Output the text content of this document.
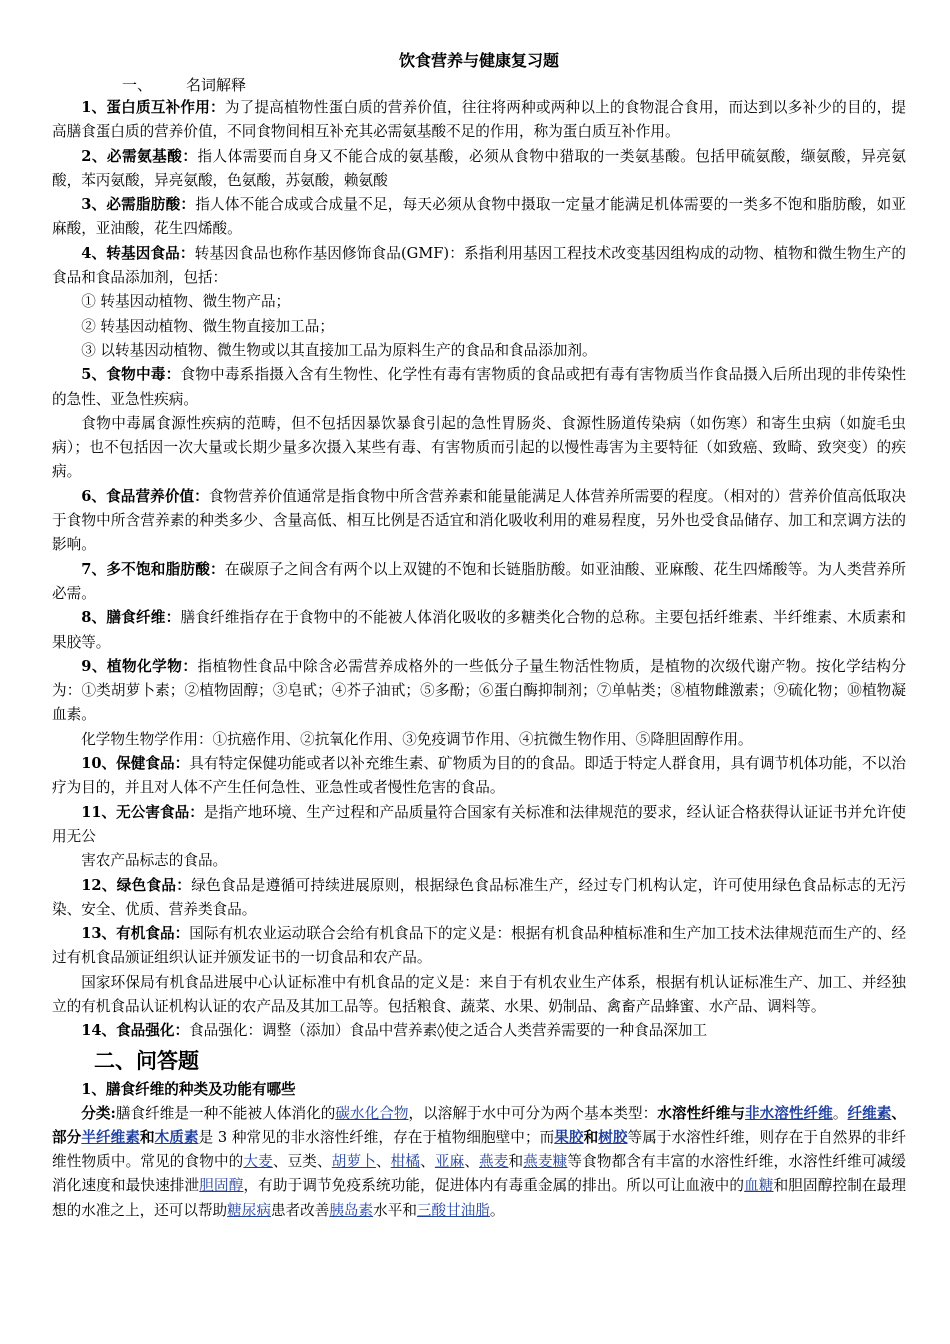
饮食营养与健康复习题
一、 名词解释

1、蛋白质互补作用：为了提高植物性蛋白质的营养价值，往往将两种或两种以上的食物混合食用，而达到以多补少的目的，提高膳食蛋白质的营养价值，不同食物间相互补充其必需氨基酸不足的作用，称为蛋白质互补作用。

2、必需氨基酸：指人体需要而自身又不能合成的氨基酸，必须从食物中猎取的一类氨基酸。包括甲硫氨酸，缬氨酸，异亮氨酸，苯丙氨酸，异亮氨酸，色氨酸，苏氨酸，赖氨酸

3、必需脂肪酸：指人体不能合成或合成量不足，每天必须从食物中摄取一定量才能满足机体需要的一类多不饱和脂肪酸，如亚麻酸，亚油酸，花生四烯酸。

4、转基因食品：转基因食品也称作基因修饰食品(GMF)：系指利用基因工程技术改变基因组构成的动物、植物和微生物生产的食品和食品添加剂，包括：

① 转基因动植物、微生物产品；

② 转基因动植物、微生物直接加工品；

③ 以转基因动植物、微生物或以其直接加工品为原料生产的食品和食品添加剂。

5、食物中毒：食物中毒系指摄入含有生物性、化学性有毒有害物质的食品或把有毒有害物质当作食品摄入后所出现的非传染性的急性、亚急性疾病。

食物中毒属食源性疾病的范畴，但不包括因暴饮暴食引起的急性胃肠炎、食源性肠道传染病（如伤寒）和寄生虫病（如旋毛虫病）；也不包括因一次大量或长期少量多次摄入某些有毒、有害物质而引起的以慢性毒害为主要特征（如致癌、致畸、致突变）的疾病。

6、食品营养价值：食物营养价值通常是指食物中所含营养素和能量能满足人体营养所需要的程度。（相对的）营养价值高低取决于食物中所含营养素的种类多少、含量高低、相互比例是否适宜和消化吸收利用的难易程度，另外也受食品储存、加工和烹调方法的影响。

7、多不饱和脂肪酸：在碳原子之间含有两个以上双键的不饱和长链脂肪酸。如亚油酸、亚麻酸、花生四烯酸等。为人类营养所必需。

8、膳食纤维：膳食纤维指存在于食物中的不能被人体消化吸收的多糖类化合物的总称。主要包括纤维素、半纤维素、木质素和果胶等。

9、植物化学物：指植物性食品中除含必需营养成格外的一些低分子量生物活性物质，是植物的次级代谢产物。按化学结构分为：①类胡萝卜素；②植物固醇；③皂甙；④芥子油甙；⑤多酚；⑥蛋白酶抑制剂；⑦单帖类；⑧植物雌激素；⑨硫化物；⑩植物凝血素。

化学物生物学作用：①抗癌作用、②抗氧化作用、③免疫调节作用、④抗微生物作用、⑤降胆固醇作用。

10、保健食品：具有特定保健功能或者以补充维生素、矿物质为目的的食品。即适于特定人群食用，具有调节机体功能，不以治疗为目的，并且对人体不产生任何急性、亚急性或者慢性危害的食品。

11、无公害食品：是指产地环境、生产过程和产品质量符合国家有关标准和法律规范的要求，经认证合格获得认证证书并允许使用无公

害农产品标志的食品。

12、绿色食品：绿色食品是遵循可持续进展原则，根据绿色食品标准生产，经过专门机构认定，许可使用绿色食品标志的无污染、安全、优质、营养类食品。

13、有机食品：国际有机农业运动联合会给有机食品下的定义是：根据有机食品种植标准和生产加工技术法律规范而生产的、经过有机食品颁证组织认证并颁发证书的一切食品和农产品。

国家环保局有机食品进展中心认证标准中有机食品的定义是：来自于有机农业生产体系，根据有机认证标准生产、加工、并经独立的有机食品认证机构认证的农产品及其加工品等。包括粮食、蔬菜、水果、奶制品、禽畜产品蜂蜜、水产品、调料等。

14、食品强化：食品强化：调整（添加）食品中营养素◊使之适合人类营养需要的一种食品深加工

二、问答题
1、膳食纤维的种类及功能有哪些

分类:膳食纤维是一种不能被人体消化的碳水化合物，以溶解于水中可分为两个基本类型：水溶性纤维与非水溶性纤维。纤维素、部分半纤维素和木质素是 3 种常见的非水溶性纤维，存在于植物细胞壁中；而果胶和树胶等属于水溶性纤维，则存在于自然界的非纤维性物质中。常见的食物中的大麦、豆类、胡萝卜、柑橘、亚麻、燕麦和燕麦糠等食物都含有丰富的水溶性纤维，水溶性纤维可减缓消化速度和最快速排泄胆固醇，有助于调节免疫系统功能，促进体内有毒重金属的排出。所以可让血液中的血糖和胆固醇控制在最理想的水准之上，还可以帮助糖尿病患者改善胰岛素水平和三酸甘油脂。
